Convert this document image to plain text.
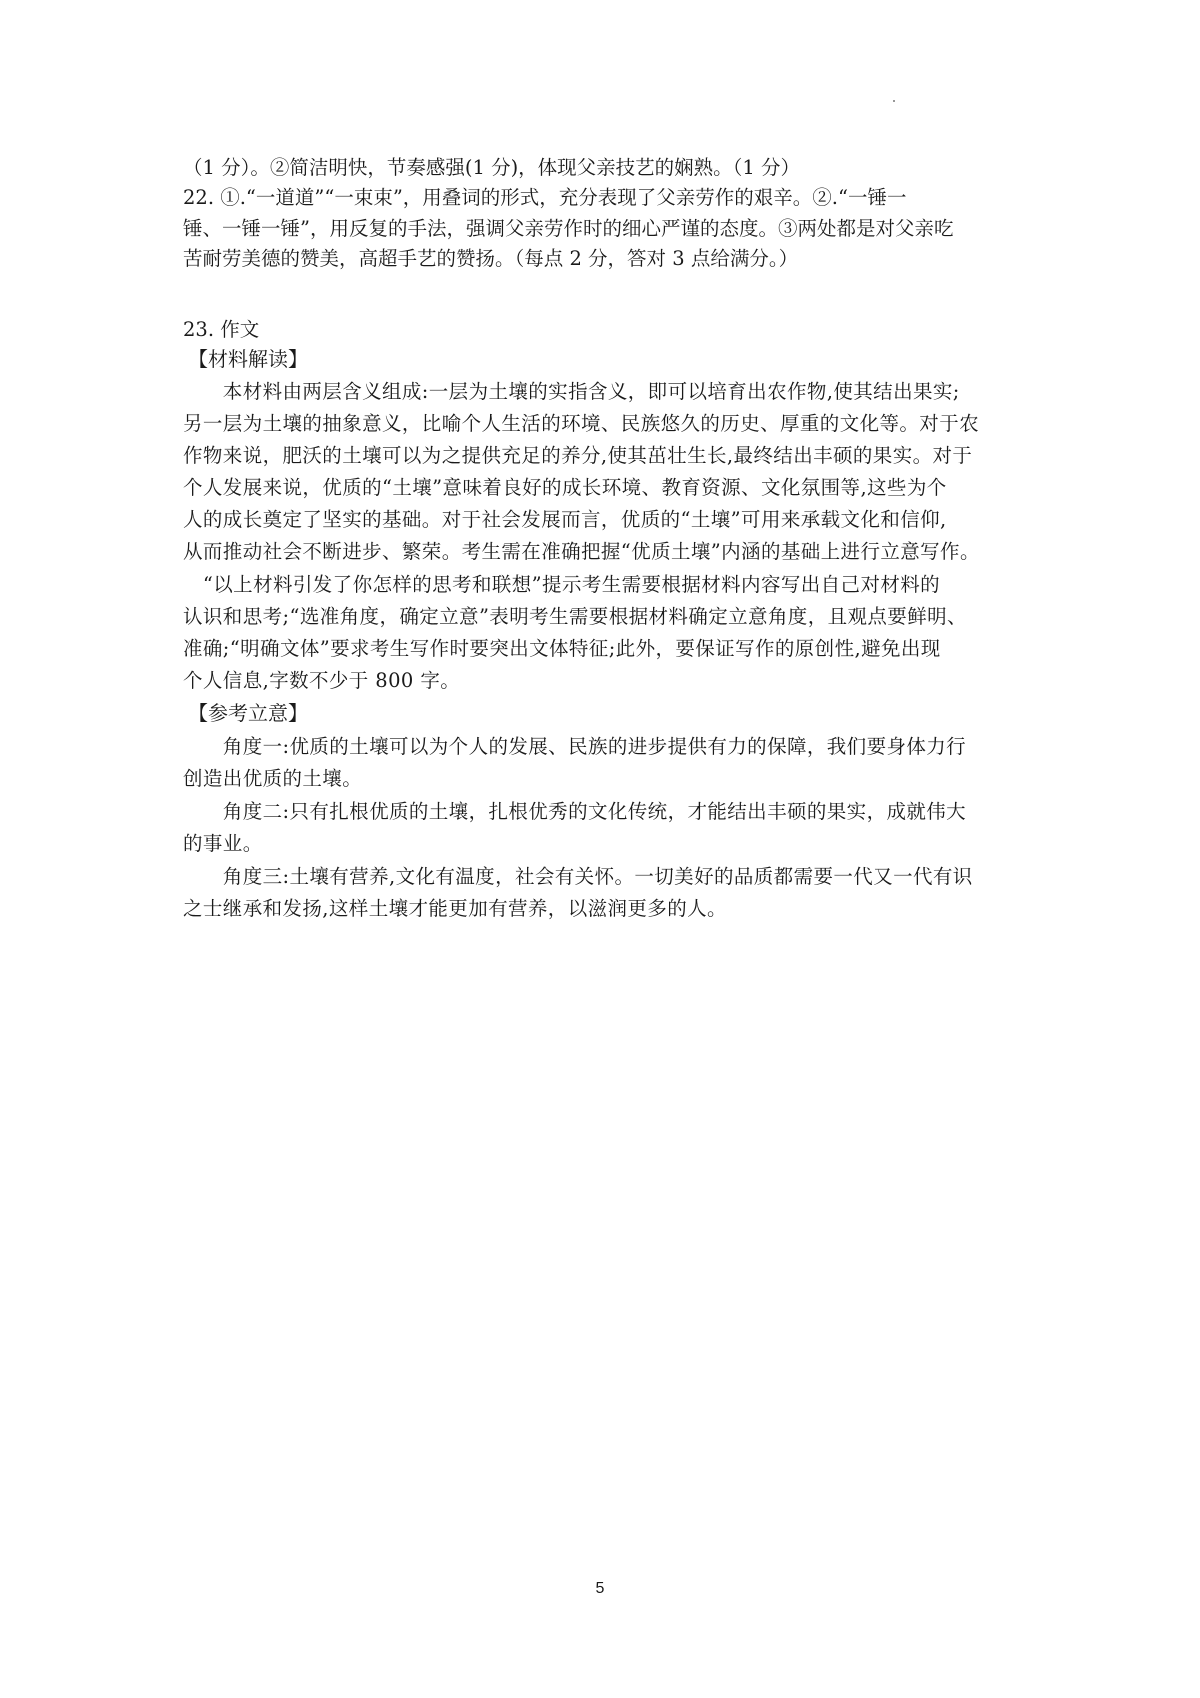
（1 分）。②简洁明快，节奏感强(1 分)，体现父亲技艺的娴熟。（1 分）
22. ①.“一道道”“一束束”，用叠词的形式，充分表现了父亲劳作的艰辛。②.“一锤一
锤、一锤一锤”，用反复的手法，强调父亲劳作时的细心严谨的态度。③两处都是对父亲吃
苦耐劳美德的赞美，高超手艺的赞扬。（每点 2 分，答对 3 点给满分。）
23. 作文
【材料解读】
　　本材料由两层含义组成:一层为土壤的实指含义，即可以培育出农作物,使其结出果实;
另一层为土壤的抽象意义，比喻个人生活的环境、民族悠久的历史、厚重的文化等。对于农
作物来说，肥沃的土壤可以为之提供充足的养分,使其茁壮生长,最终结出丰硕的果实。对于
个人发展来说，优质的“土壤”意味着良好的成长环境、教育资源、文化氛围等,这些为个
人的成长奠定了坚实的基础。对于社会发展而言，优质的“土壤”可用来承载文化和信仰,
从而推动社会不断进步、繁荣。考生需在准确把握“优质土壤”内涵的基础上进行立意写作。
　“以上材料引发了你怎样的思考和联想”提示考生需要根据材料内容写出自己对材料的
认识和思考;“选准角度，确定立意”表明考生需要根据材料确定立意角度，且观点要鲜明、
准确;“明确文体”要求考生写作时要突出文体特征;此外，要保证写作的原创性,避免出现
个人信息,字数不少于 800 字。
【参考立意】
　　角度一:优质的土壤可以为个人的发展、民族的进步提供有力的保障，我们要身体力行
创造出优质的土壤。
　　角度二:只有扎根优质的土壤，扎根优秀的文化传统，才能结出丰硕的果实，成就伟大
的事业。
　　角度三:土壤有营养,文化有温度，社会有关怀。一切美好的品质都需要一代又一代有识
之士继承和发扬,这样土壤才能更加有营养，以滋润更多的人。
5
